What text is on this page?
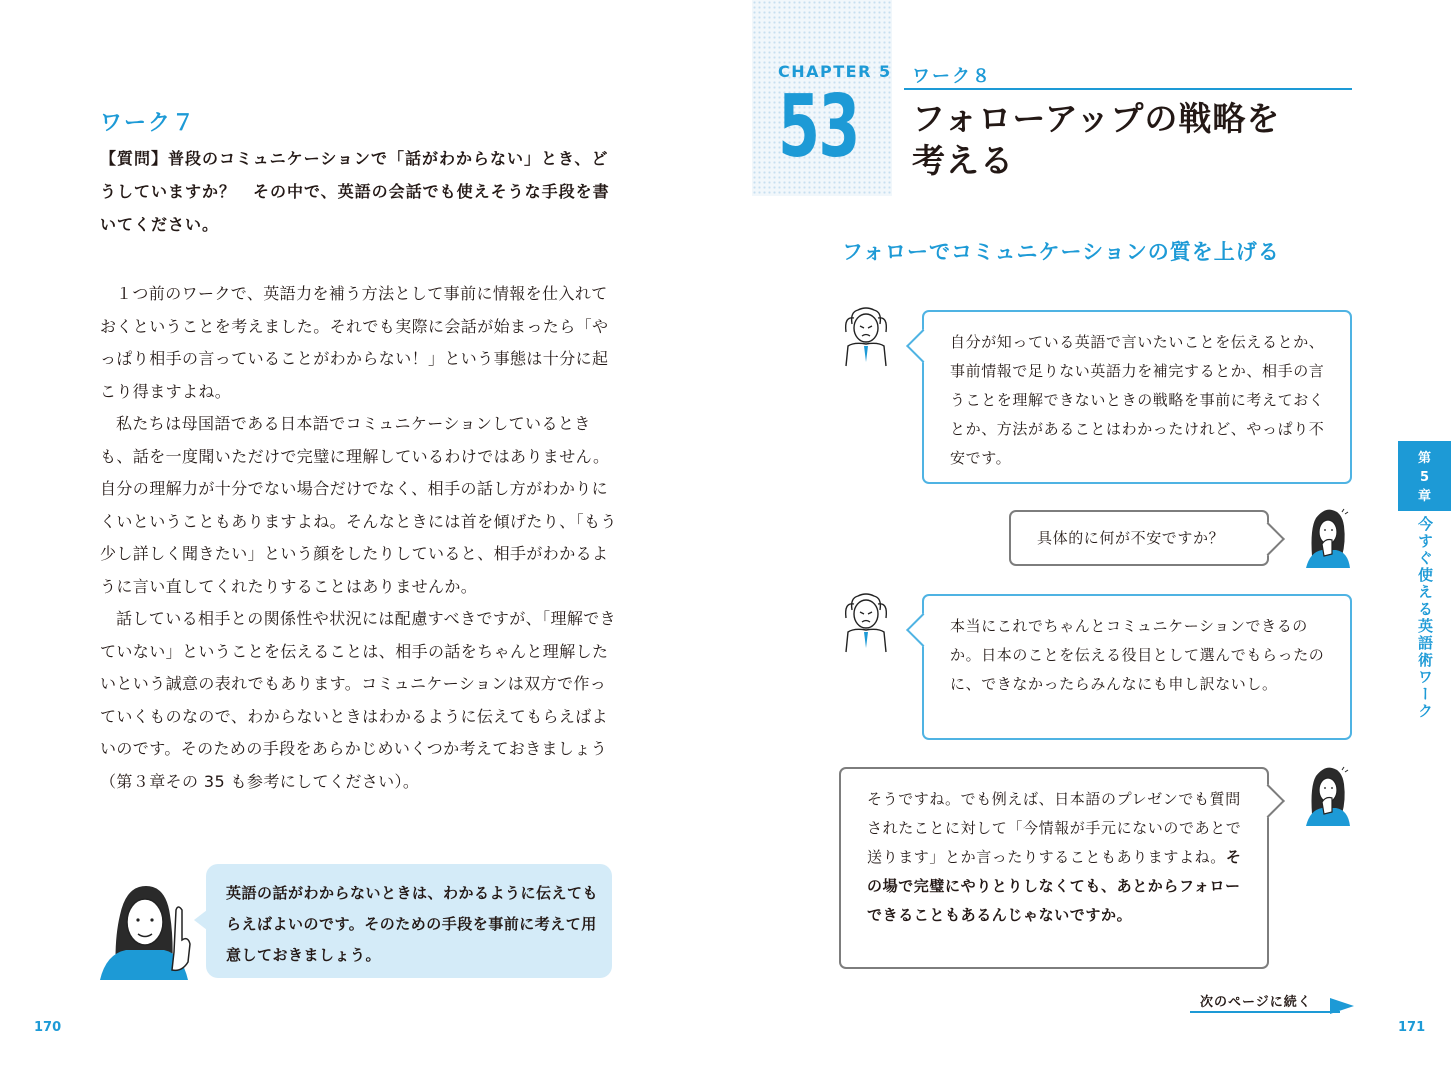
ワーク７
【質問】普段のコミュニケーションで「話がわからない」とき、どうしていますか？　その中で、英語の会話でも使えそうな手段を書いてください。

１つ前のワークで、英語力を補う方法として事前に情報を仕入れておくということを考えました。それでも実際に会話が始まったら「やっぱり相手の言っていることがわからない！」という事態は十分に起こり得ますよね。

私たちは母国語である日本語でコミュニケーションしているときも、話を一度聞いただけで完璧に理解しているわけではありません。自分の理解力が十分でない場合だけでなく、相手の話し方がわかりにくいということもありますよね。そんなときには首を傾げたり、「もう少し詳しく聞きたい」という顔をしたりしていると、相手がわかるように言い直してくれたりすることはありませんか。

話している相手との関係性や状況には配慮すべきですが、「理解できていない」ということを伝えることは、相手の話をちゃんと理解したいという誠意の表れでもあります。コミュニケーションは双方で作っていくものなので、わからないときはわかるように伝えてもらえばよいのです。そのための手段をあらかじめいくつか考えておきましょう（第３章その 35 も参考にしてください）。

英語の話がわからないときは、わかるように伝えてもらえばよいのです。そのための手段を事前に考えて用意しておきましょう。
170
CHAPTER 5
53
ワーク８
フォローアップの戦略を
考える
フォローでコミュニケーションの質を上げる
自分が知っている英語で言いたいことを伝えるとか、事前情報で足りない英語力を補完するとか、相手の言うことを理解できないときの戦略を事前に考えておくとか、方法があることはわかったけれど、やっぱり不安です。
具体的に何が不安ですか？
本当にこれでちゃんとコミュニケーションできるのか。日本のことを伝える役目として選んでもらったのに、できなかったらみんなにも申し訳ないし。
そうですね。でも例えば、日本語のプレゼンでも質問されたことに対して「今情報が手元にないのであとで送ります」とか言ったりすることもありますよね。その場で完璧にやりとりしなくても、あとからフォローできることもあるんじゃないですか。
第
5
章
今すぐ使える英語術ワーク
次のページに続く
171
